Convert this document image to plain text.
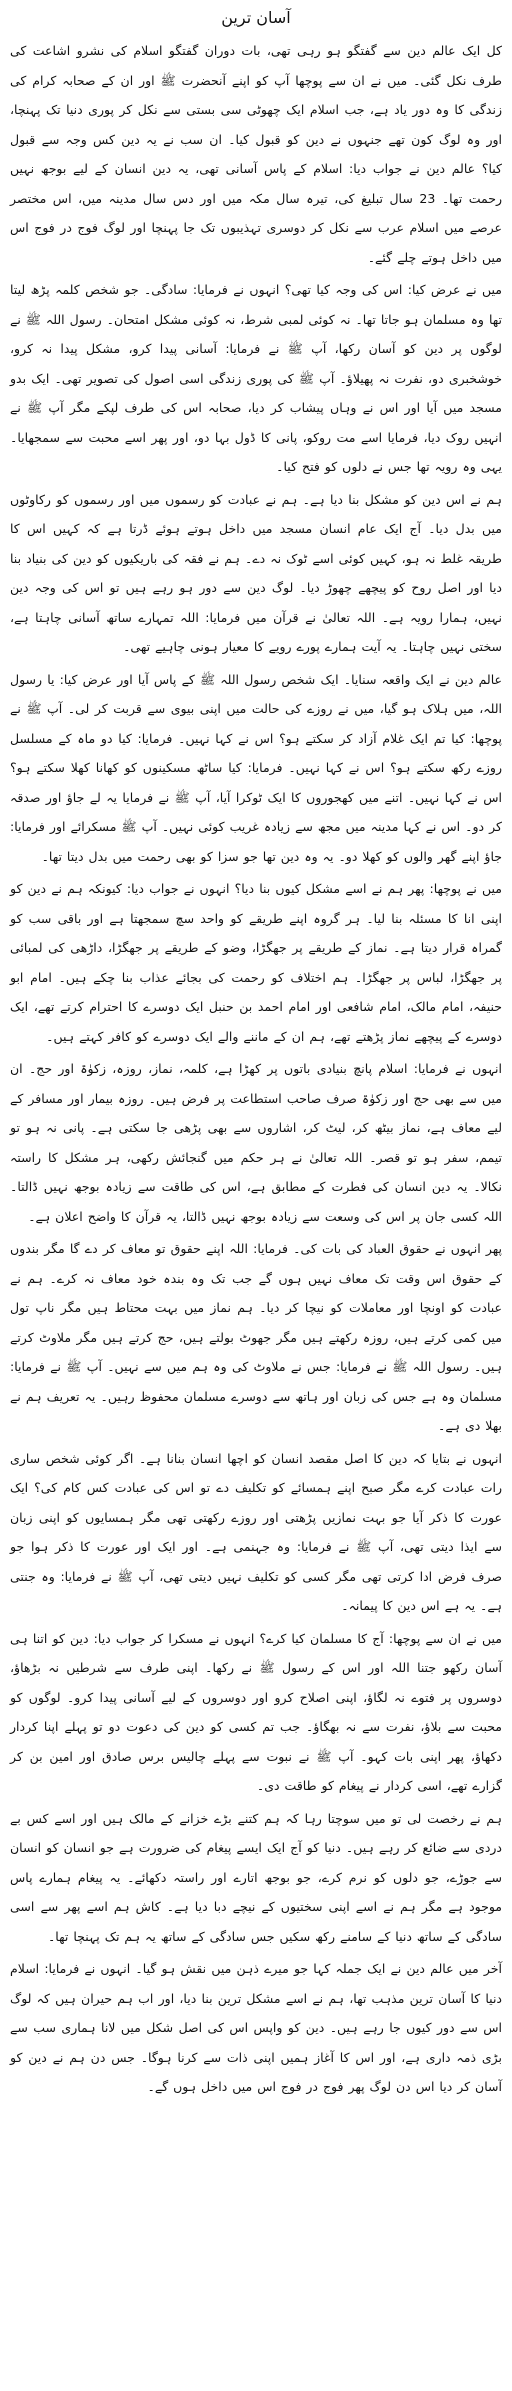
آسان ترین

کل ایک عالم دین سے گفتگو ہو رہی تھی، بات دوران گفتگو اسلام کی نشرو اشاعت کی طرف نکل گئی۔ میں نے ان سے پوچھا آپ کو اپنے آنحضرت ﷺ اور ان کے صحابہ کرام کی زندگی کا وہ دور یاد ہے، جب اسلام ایک چھوٹی سی بستی سے نکل کر پوری دنیا تک پہنچا، اور وہ لوگ کون تھے جنہوں نے دین کو قبول کیا۔ ان سب نے یہ دین کس وجہ سے قبول کیا؟ عالم دین نے جواب دیا: اسلام کے پاس آسانی تھی، یہ دین انسان کے لیے بوجھ نہیں رحمت تھا۔ 23 سال تبلیغ کی، تیرہ سال مکہ میں اور دس سال مدینہ میں، اس مختصر عرصے میں اسلام عرب سے نکل کر دوسری تہذیبوں تک جا پہنچا اور لوگ فوج در فوج اس میں داخل ہوتے چلے گئے۔

میں نے عرض کیا: اس کی وجہ کیا تھی؟ انہوں نے فرمایا: سادگی۔ جو شخص کلمہ پڑھ لیتا تھا وہ مسلمان ہو جاتا تھا۔ نہ کوئی لمبی شرط، نہ کوئی مشکل امتحان۔ رسول اللہ ﷺ نے لوگوں پر دین کو آسان رکھا، آپ ﷺ نے فرمایا: آسانی پیدا کرو، مشکل پیدا نہ کرو، خوشخبری دو، نفرت نہ پھیلاؤ۔ آپ ﷺ کی پوری زندگی اسی اصول کی تصویر تھی۔ ایک بدو مسجد میں آیا اور اس نے وہاں پیشاب کر دیا، صحابہ اس کی طرف لپکے مگر آپ ﷺ نے انہیں روک دیا، فرمایا اسے مت روکو، پانی کا ڈول بہا دو، اور پھر اسے محبت سے سمجھایا۔ یہی وہ رویہ تھا جس نے دلوں کو فتح کیا۔

ہم نے اس دین کو مشکل بنا دیا ہے۔ ہم نے عبادت کو رسموں میں اور رسموں کو رکاوٹوں میں بدل دیا۔ آج ایک عام انسان مسجد میں داخل ہوتے ہوئے ڈرتا ہے کہ کہیں اس کا طریقہ غلط نہ ہو، کہیں کوئی اسے ٹوک نہ دے۔ ہم نے فقہ کی باریکیوں کو دین کی بنیاد بنا دیا اور اصل روح کو پیچھے چھوڑ دیا۔ لوگ دین سے دور ہو رہے ہیں تو اس کی وجہ دین نہیں، ہمارا رویہ ہے۔ اللہ تعالیٰ نے قرآن میں فرمایا: اللہ تمہارے ساتھ آسانی چاہتا ہے، سختی نہیں چاہتا۔ یہ آیت ہمارے پورے رویے کا معیار ہونی چاہیے تھی۔

عالم دین نے ایک واقعہ سنایا۔ ایک شخص رسول اللہ ﷺ کے پاس آیا اور عرض کیا: یا رسول اللہ، میں ہلاک ہو گیا، میں نے روزے کی حالت میں اپنی بیوی سے قربت کر لی۔ آپ ﷺ نے پوچھا: کیا تم ایک غلام آزاد کر سکتے ہو؟ اس نے کہا نہیں۔ فرمایا: کیا دو ماہ کے مسلسل روزے رکھ سکتے ہو؟ اس نے کہا نہیں۔ فرمایا: کیا ساٹھ مسکینوں کو کھانا کھلا سکتے ہو؟ اس نے کہا نہیں۔ اتنے میں کھجوروں کا ایک ٹوکرا آیا، آپ ﷺ نے فرمایا یہ لے جاؤ اور صدقہ کر دو۔ اس نے کہا مدینہ میں مجھ سے زیادہ غریب کوئی نہیں۔ آپ ﷺ مسکرائے اور فرمایا: جاؤ اپنے گھر والوں کو کھلا دو۔ یہ وہ دین تھا جو سزا کو بھی رحمت میں بدل دیتا تھا۔

میں نے پوچھا: پھر ہم نے اسے مشکل کیوں بنا دیا؟ انہوں نے جواب دیا: کیونکہ ہم نے دین کو اپنی انا کا مسئلہ بنا لیا۔ ہر گروہ اپنے طریقے کو واحد سچ سمجھتا ہے اور باقی سب کو گمراہ قرار دیتا ہے۔ نماز کے طریقے پر جھگڑا، وضو کے طریقے پر جھگڑا، داڑھی کی لمبائی پر جھگڑا، لباس پر جھگڑا۔ ہم اختلاف کو رحمت کی بجائے عذاب بنا چکے ہیں۔ امام ابو حنیفہ، امام مالک، امام شافعی اور امام احمد بن حنبل ایک دوسرے کا احترام کرتے تھے، ایک دوسرے کے پیچھے نماز پڑھتے تھے، ہم ان کے ماننے والے ایک دوسرے کو کافر کہتے ہیں۔

انہوں نے فرمایا: اسلام پانچ بنیادی باتوں پر کھڑا ہے، کلمہ، نماز، روزہ، زکوٰۃ اور حج۔ ان میں سے بھی حج اور زکوٰۃ صرف صاحب استطاعت پر فرض ہیں۔ روزہ بیمار اور مسافر کے لیے معاف ہے، نماز بیٹھ کر، لیٹ کر، اشاروں سے بھی پڑھی جا سکتی ہے۔ پانی نہ ہو تو تیمم، سفر ہو تو قصر۔ اللہ تعالیٰ نے ہر حکم میں گنجائش رکھی، ہر مشکل کا راستہ نکالا۔ یہ دین انسان کی فطرت کے مطابق ہے، اس کی طاقت سے زیادہ بوجھ نہیں ڈالتا۔ اللہ کسی جان پر اس کی وسعت سے زیادہ بوجھ نہیں ڈالتا، یہ قرآن کا واضح اعلان ہے۔

پھر انہوں نے حقوق العباد کی بات کی۔ فرمایا: اللہ اپنے حقوق تو معاف کر دے گا مگر بندوں کے حقوق اس وقت تک معاف نہیں ہوں گے جب تک وہ بندہ خود معاف نہ کرے۔ ہم نے عبادت کو اونچا اور معاملات کو نیچا کر دیا۔ ہم نماز میں بہت محتاط ہیں مگر ناپ تول میں کمی کرتے ہیں، روزہ رکھتے ہیں مگر جھوٹ بولتے ہیں، حج کرتے ہیں مگر ملاوٹ کرتے ہیں۔ رسول اللہ ﷺ نے فرمایا: جس نے ملاوٹ کی وہ ہم میں سے نہیں۔ آپ ﷺ نے فرمایا: مسلمان وہ ہے جس کی زبان اور ہاتھ سے دوسرے مسلمان محفوظ رہیں۔ یہ تعریف ہم نے بھلا دی ہے۔

انہوں نے بتایا کہ دین کا اصل مقصد انسان کو اچھا انسان بنانا ہے۔ اگر کوئی شخص ساری رات عبادت کرے مگر صبح اپنے ہمسائے کو تکلیف دے تو اس کی عبادت کس کام کی؟ ایک عورت کا ذکر آیا جو بہت نمازیں پڑھتی اور روزے رکھتی تھی مگر ہمسایوں کو اپنی زبان سے ایذا دیتی تھی، آپ ﷺ نے فرمایا: وہ جہنمی ہے۔ اور ایک اور عورت کا ذکر ہوا جو صرف فرض ادا کرتی تھی مگر کسی کو تکلیف نہیں دیتی تھی، آپ ﷺ نے فرمایا: وہ جنتی ہے۔ یہ ہے اس دین کا پیمانہ۔

میں نے ان سے پوچھا: آج کا مسلمان کیا کرے؟ انہوں نے مسکرا کر جواب دیا: دین کو اتنا ہی آسان رکھو جتنا اللہ اور اس کے رسول ﷺ نے رکھا۔ اپنی طرف سے شرطیں نہ بڑھاؤ، دوسروں پر فتوے نہ لگاؤ، اپنی اصلاح کرو اور دوسروں کے لیے آسانی پیدا کرو۔ لوگوں کو محبت سے بلاؤ، نفرت سے نہ بھگاؤ۔ جب تم کسی کو دین کی دعوت دو تو پہلے اپنا کردار دکھاؤ، پھر اپنی بات کہو۔ آپ ﷺ نے نبوت سے پہلے چالیس برس صادق اور امین بن کر گزارے تھے، اسی کردار نے پیغام کو طاقت دی۔

ہم نے رخصت لی تو میں سوچتا رہا کہ ہم کتنے بڑے خزانے کے مالک ہیں اور اسے کس بے دردی سے ضائع کر رہے ہیں۔ دنیا کو آج ایک ایسے پیغام کی ضرورت ہے جو انسان کو انسان سے جوڑے، جو دلوں کو نرم کرے، جو بوجھ اتارے اور راستہ دکھائے۔ یہ پیغام ہمارے پاس موجود ہے مگر ہم نے اسے اپنی سختیوں کے نیچے دبا دیا ہے۔ کاش ہم اسے پھر سے اسی سادگی کے ساتھ دنیا کے سامنے رکھ سکیں جس سادگی کے ساتھ یہ ہم تک پہنچا تھا۔

آخر میں عالم دین نے ایک جملہ کہا جو میرے ذہن میں نقش ہو گیا۔ انہوں نے فرمایا: اسلام دنیا کا آسان ترین مذہب تھا، ہم نے اسے مشکل ترین بنا دیا، اور اب ہم حیران ہیں کہ لوگ اس سے دور کیوں جا رہے ہیں۔ دین کو واپس اس کی اصل شکل میں لانا ہماری سب سے بڑی ذمہ داری ہے، اور اس کا آغاز ہمیں اپنی ذات سے کرنا ہوگا۔ جس دن ہم نے دین کو آسان کر دیا اس دن لوگ پھر فوج در فوج اس میں داخل ہوں گے۔
